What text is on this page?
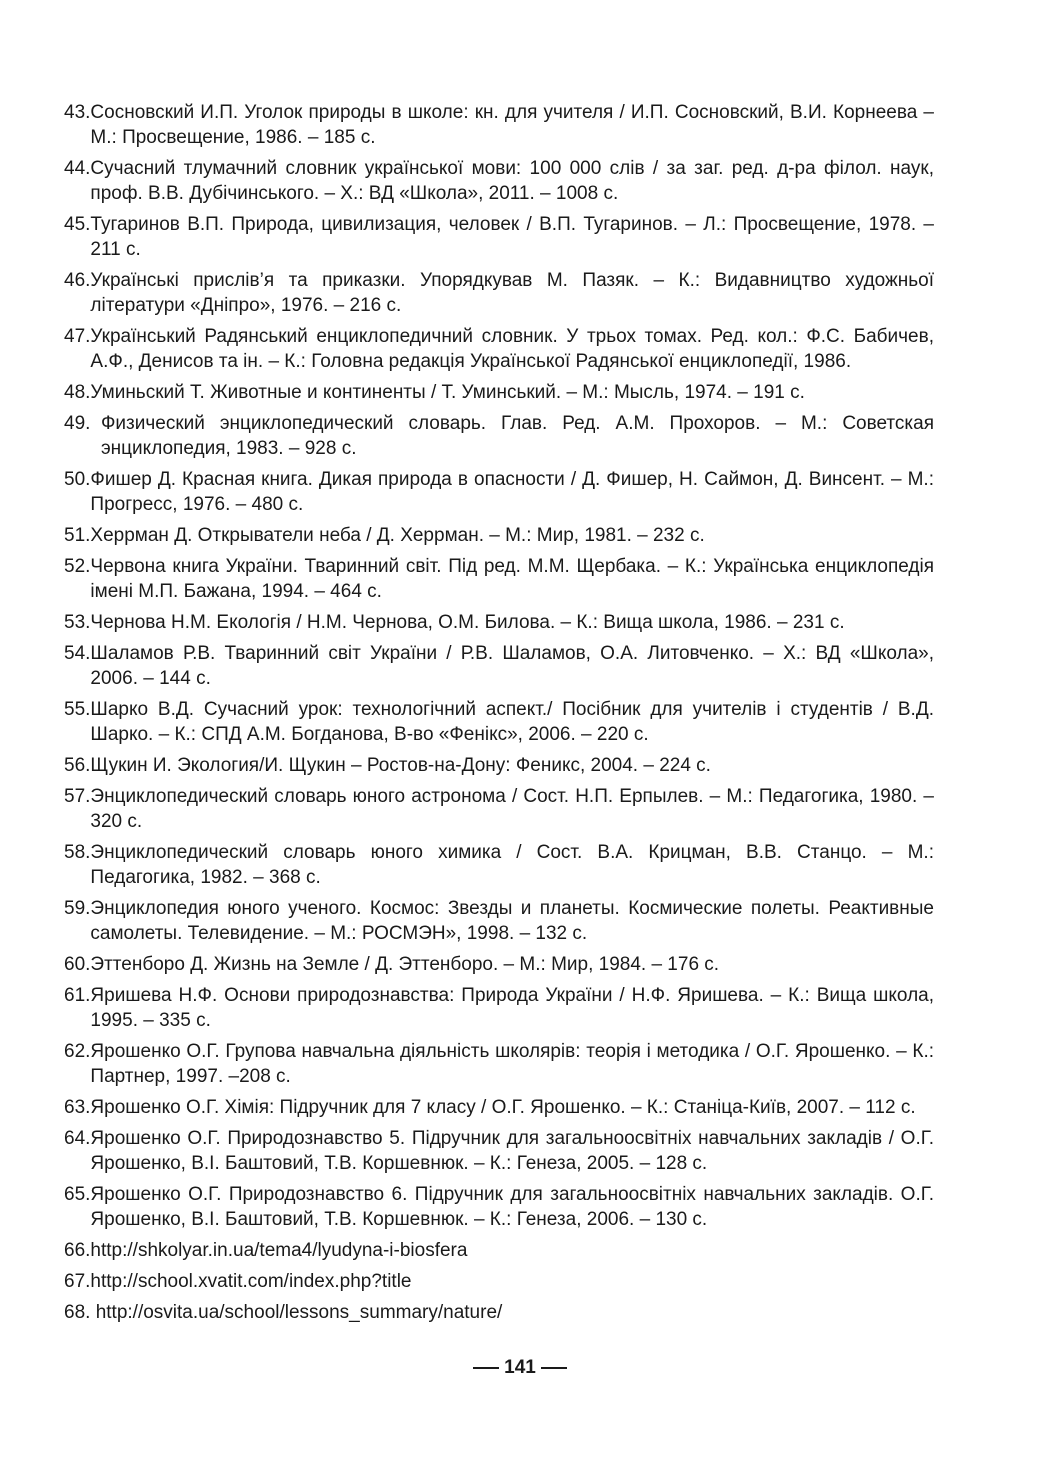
43. Сосновский И.П. Уголок природы в школе: кн. для учителя / И.П. Сосновский, В.И. Корнеева – М.: Просвещение, 1986. – 185 с.
44. Сучасний тлумачний словник української мови: 100 000 слів / за заг. ред. д-ра філол. наук, проф. В.В. Дубічинського. – Х.: ВД «Школа», 2011. – 1008 с.
45. Тугаринов В.П. Природа, цивилизация, человек / В.П. Тугаринов. – Л.: Просвещение, 1978. – 211 с.
46. Українські прислів’я та приказки. Упорядкував М. Пазяк. – К.: Видавництво художньої літератури «Дніпро», 1976. – 216 с.
47. Український Радянський енциклопедичний словник. У трьох томах. Ред. кол.: Ф.С. Бабичев, А.Ф., Денисов та ін. – К.: Головна редакція Української Радянської енциклопедії, 1986.
48. Уминьский Т. Животные и континенты / Т. Уминський. – М.: Мысль, 1974. – 191 с.
49. Физический энциклопедический словарь. Глав. Ред. А.М. Прохоров. – М.: Советская энциклопедия, 1983. – 928 с.
50. Фишер Д. Красная книга. Дикая природа в опасности / Д. Фишер, Н. Саймон, Д. Винсент. – М.: Прогресс, 1976. – 480 с.
51. Херрман Д. Открыватели неба / Д. Херрман. – М.: Мир, 1981. – 232 с.
52. Червона книга України. Тваринний світ. Під ред. М.М. Щербака. – К.: Українська енциклопедія імені М.П. Бажана, 1994. – 464 с.
53. Чернова Н.М. Екологія / Н.М. Чернова, О.М. Билова. – К.: Вища школа, 1986. – 231 с.
54. Шаламов Р.В. Тваринний світ України / Р.В. Шаламов, О.А. Литовченко. – Х.: ВД «Школа», 2006. – 144 с.
55. Шарко В.Д. Сучасний урок: технологічний аспект./ Посібник для учителів і студентів / В.Д. Шарко. – К.: СПД А.М. Богданова, В-во «Фенікс», 2006. – 220 с.
56. Щукин И. Экология/И. Щукин – Ростов-на-Дону: Феникс, 2004. – 224 с.
57. Энциклопедический словарь юного астронома / Сост. Н.П. Ерпылев. – М.: Педагогика, 1980. – 320 с.
58. Энциклопедический словарь юного химика / Сост. В.А. Крицман, В.В. Станцо. – М.: Педагогика, 1982. – 368 с.
59. Энциклопедия юного ученого. Космос: Звезды и планеты. Космические полеты. Реактивные самолеты. Телевидение. – М.: РОСМЭН», 1998. – 132 с.
60. Эттенборо Д. Жизнь на Земле / Д. Эттенборо. – М.: Мир, 1984. – 176 с.
61. Яришева Н.Ф. Основи природознавства: Природа України / Н.Ф. Яришева. – К.: Вища школа, 1995. – 335 с.
62. Ярошенко О.Г. Групова навчальна діяльність школярів: теорія і методика / О.Г. Ярошенко. – К.: Партнер, 1997. –208 с.
63. Ярошенко О.Г. Хімія: Підручник для 7 класу / О.Г. Ярошенко. – К.: Станіца-Київ, 2007. – 112 с.
64. Ярошенко О.Г. Природознавство 5. Підручник для загальноосвітніх навчальних закладів / О.Г. Ярошенко, В.І. Баштовий, Т.В. Коршевнюк. – К.: Генеза, 2005. – 128 с.
65. Ярошенко О.Г. Природознавство 6. Підручник для загальноосвітніх навчальних закладів. О.Г. Ярошенко, В.І. Баштовий, Т.В. Коршевнюк. – К.: Генеза, 2006. – 130 с.
66. http://shkolyar.in.ua/tema4/lyudyna-i-biosfera
67. http://school.xvatit.com/index.php?title
68. http://osvita.ua/school/lessons_summary/nature/
141
